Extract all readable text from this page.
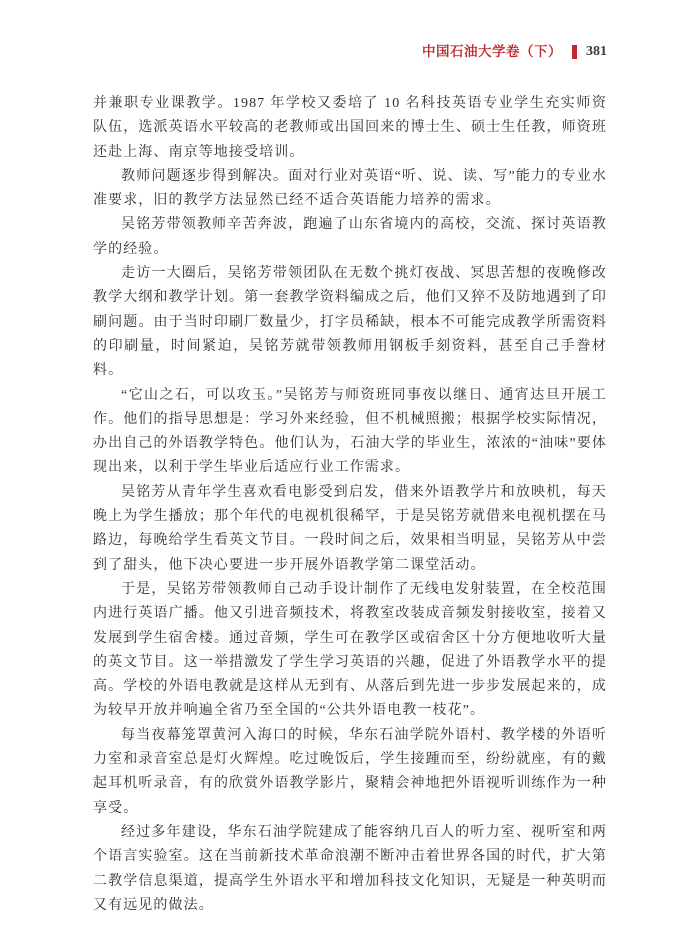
中国石油大学卷（下） 381

并兼职专业课教学。1987 年学校又委培了 10 名科技英语专业学生充实师资队伍，选派英语水平较高的老教师或出国回来的博士生、硕士生任教，师资班还赴上海、南京等地接受培训。

教师问题逐步得到解决。面对行业对英语“听、说、读、写”能力的专业水准要求，旧的教学方法显然已经不适合英语能力培养的需求。

吴铭芳带领教师辛苦奔波，跑遍了山东省境内的高校，交流、探讨英语教学的经验。

走访一大圈后，吴铭芳带领团队在无数个挑灯夜战、冥思苦想的夜晚修改教学大纲和教学计划。第一套教学资料编成之后，他们又猝不及防地遇到了印刷问题。由于当时印刷厂数量少，打字员稀缺，根本不可能完成教学所需资料的印刷量，时间紧迫，吴铭芳就带领教师用钢板手刻资料，甚至自己手誊材料。

“它山之石，可以攻玉。”吴铭芳与师资班同事夜以继日、通宵达旦开展工作。他们的指导思想是：学习外来经验，但不机械照搬；根据学校实际情况，办出自己的外语教学特色。他们认为，石油大学的毕业生，浓浓的“油味”要体现出来，以利于学生毕业后适应行业工作需求。

吴铭芳从青年学生喜欢看电影受到启发，借来外语教学片和放映机，每天晚上为学生播放；那个年代的电视机很稀罕，于是吴铭芳就借来电视机摆在马路边，每晚给学生看英文节目。一段时间之后，效果相当明显，吴铭芳从中尝到了甜头，他下决心要进一步开展外语教学第二课堂活动。

于是，吴铭芳带领教师自己动手设计制作了无线电发射装置，在全校范围内进行英语广播。他又引进音频技术，将教室改装成音频发射接收室，接着又发展到学生宿舍楼。通过音频，学生可在教学区或宿舍区十分方便地收听大量的英文节目。这一举措激发了学生学习英语的兴趣，促进了外语教学水平的提高。学校的外语电教就是这样从无到有、从落后到先进一步步发展起来的，成为较早开放并响遍全省乃至全国的“公共外语电教一枝花”。

每当夜幕笼罩黄河入海口的时候，华东石油学院外语村、教学楼的外语听力室和录音室总是灯火辉煌。吃过晚饭后，学生接踵而至，纷纷就座，有的戴起耳机听录音，有的欣赏外语教学影片，聚精会神地把外语视听训练作为一种享受。

经过多年建设，华东石油学院建成了能容纳几百人的听力室、视听室和两个语言实验室。这在当前新技术革命浪潮不断冲击着世界各国的时代，扩大第二教学信息渠道，提高学生外语水平和增加科技文化知识，无疑是一种英明而又有远见的做法。
